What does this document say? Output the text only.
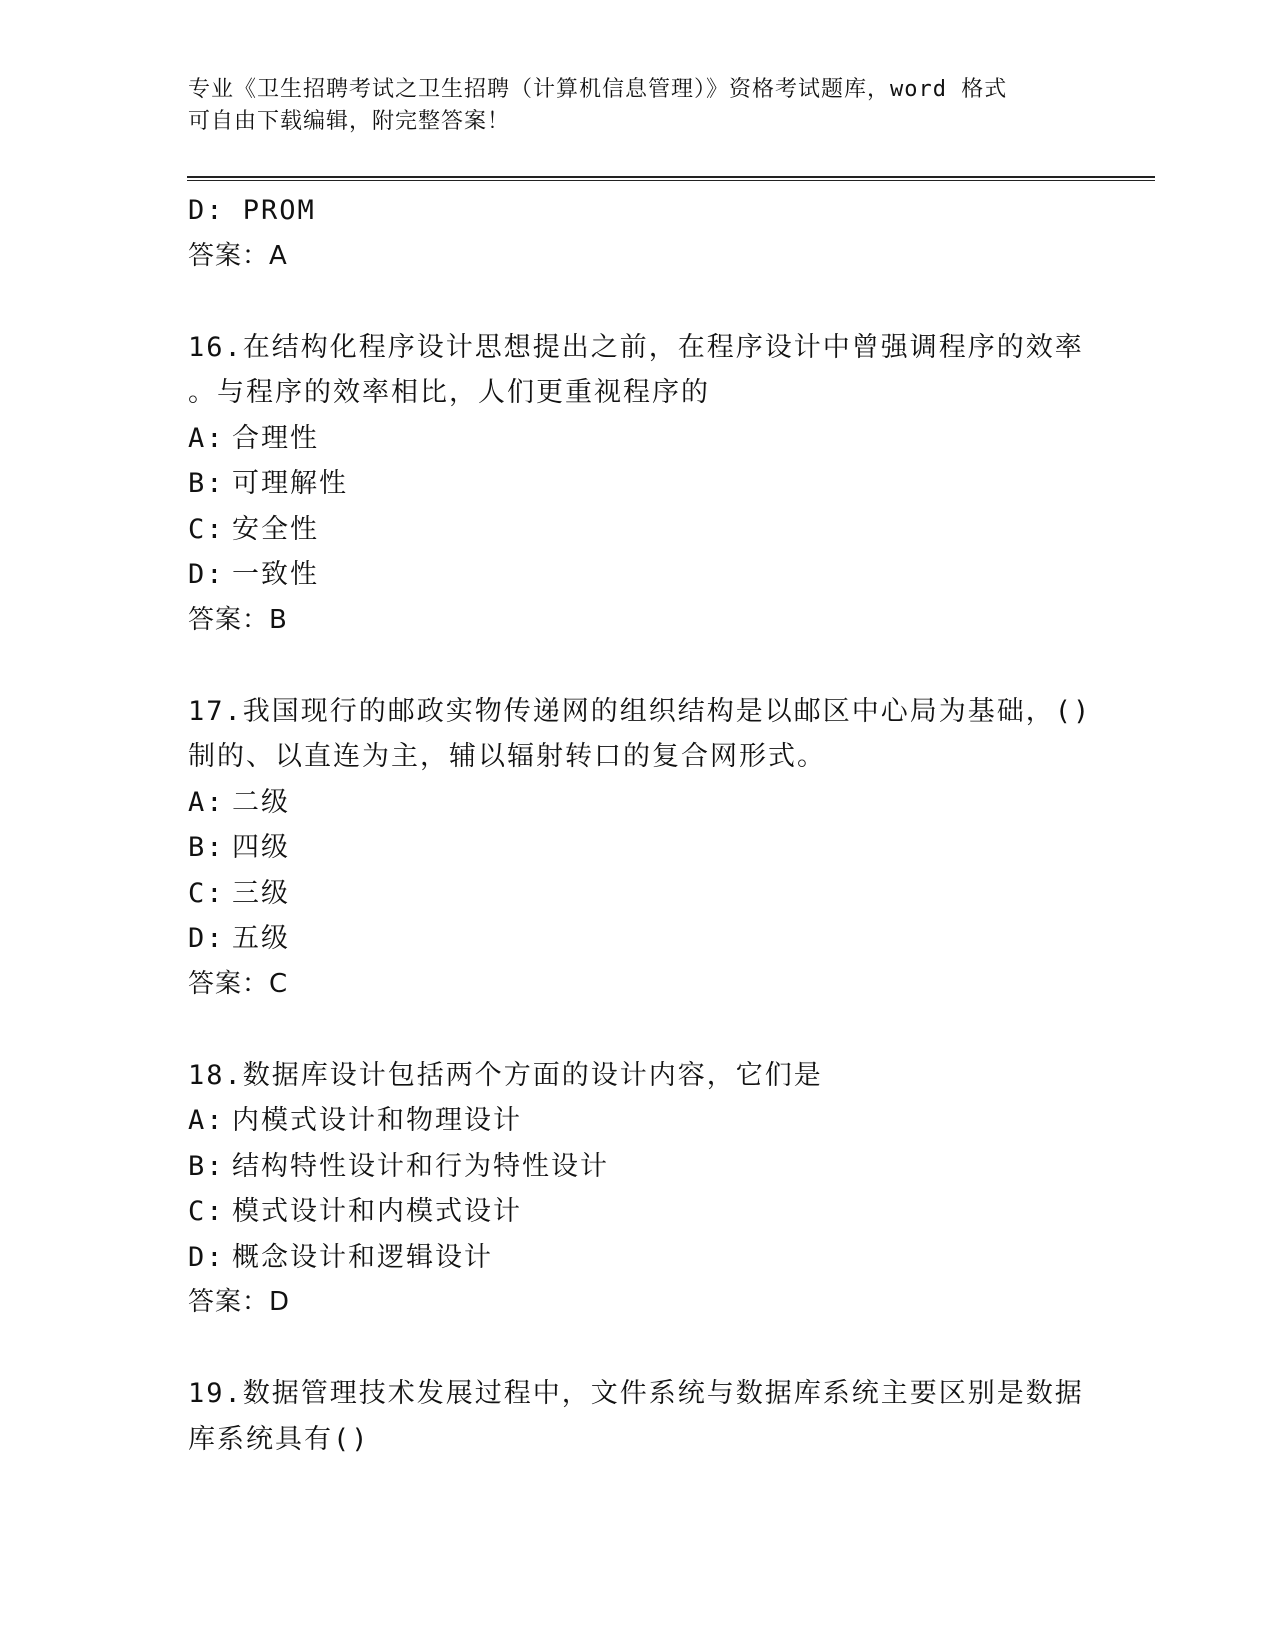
专业《卫生招聘考试之卫生招聘（计算机信息管理）》资格考试题库，word 格式
可自由下载编辑，附完整答案！
D: PROM
答案：A
16.在结构化程序设计思想提出之前，在程序设计中曾强调程序的效率
。与程序的效率相比，人们更重视程序的
A: 合理性
B: 可理解性
C: 安全性
D: 一致性
答案：B
17.我国现行的邮政实物传递网的组织结构是以邮区中心局为基础，()
制的、以直连为主，辅以辐射转口的复合网形式。
A: 二级
B: 四级
C: 三级
D: 五级
答案：C
18.数据库设计包括两个方面的设计内容，它们是
A: 内模式设计和物理设计
B: 结构特性设计和行为特性设计
C: 模式设计和内模式设计
D: 概念设计和逻辑设计
答案：D
19.数据管理技术发展过程中，文件系统与数据库系统主要区别是数据
库系统具有()
